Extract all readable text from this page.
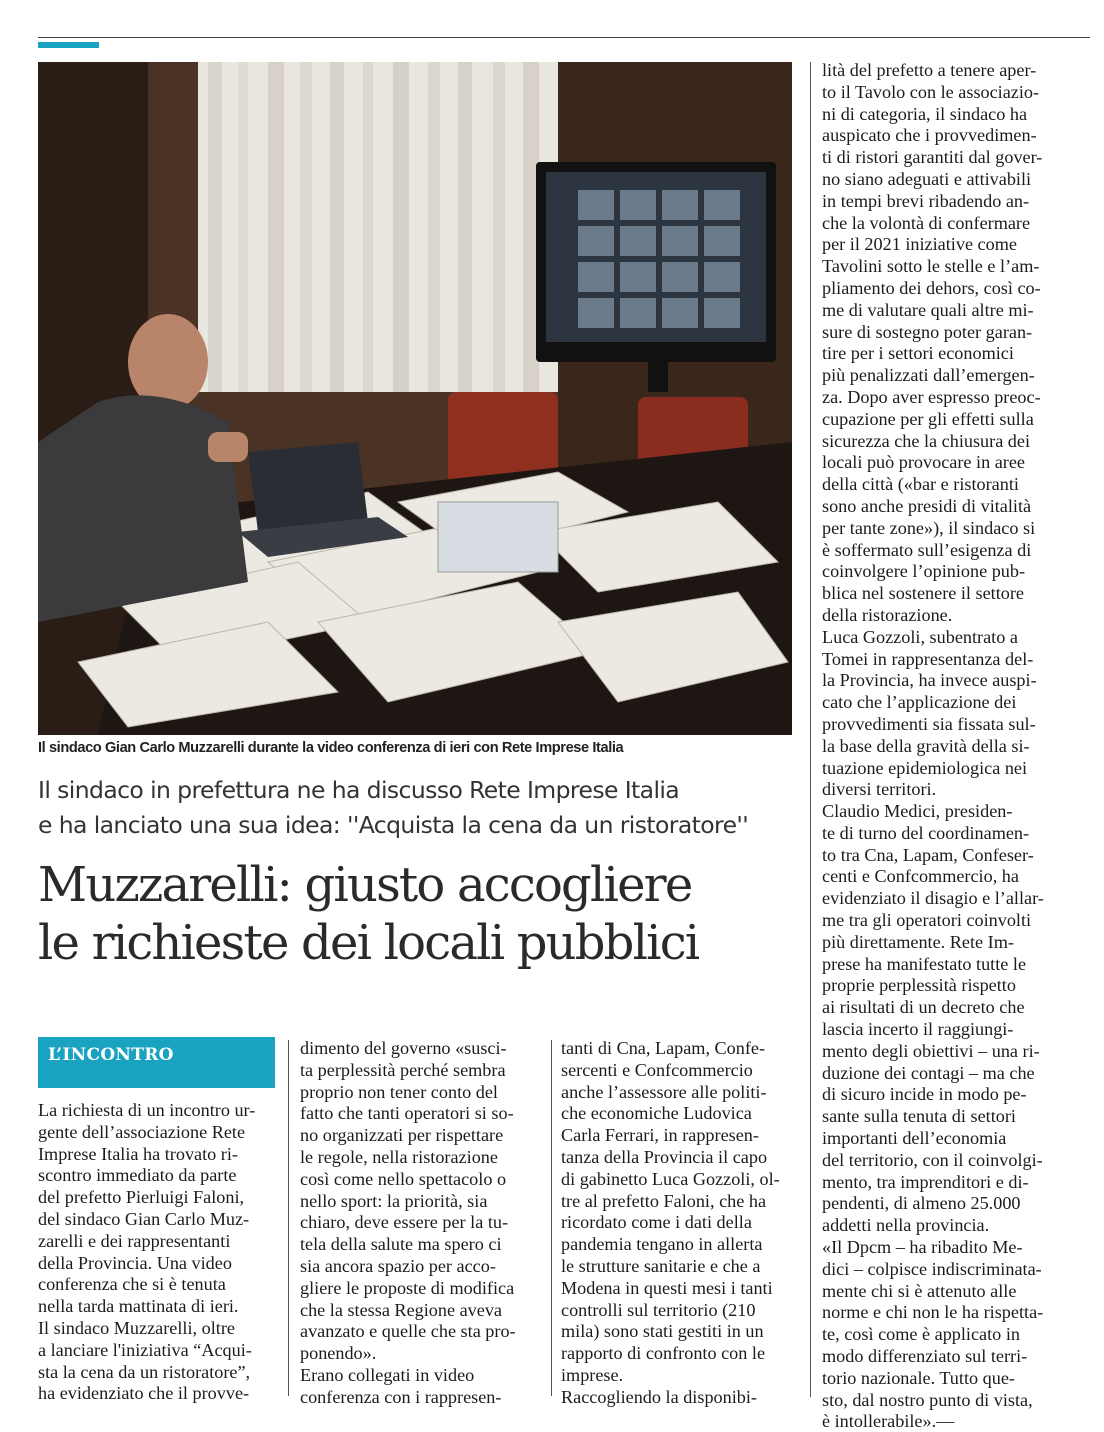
Il sindaco Gian Carlo Muzzarelli durante la video conferenza di ieri con Rete Imprese Italia
Il sindaco in prefettura ne ha discusso Rete Imprese Italia
e ha lanciato una sua idea: ''Acquista la cena da un ristoratore''
Muzzarelli: giusto accogliere
le richieste dei locali pubblici
L’INCONTRO
La richiesta di un incontro ur-
gente dell’associazione Rete
Imprese Italia ha trovato ri-
scontro immediato da parte
del prefetto Pierluigi Faloni,
del sindaco Gian Carlo Muz-
zarelli e dei rappresentanti
della Provincia. Una video
conferenza che si è tenuta
nella tarda mattinata di ieri.
Il sindaco Muzzarelli, oltre
a lanciare l'iniziativa “Acqui-
sta la cena da un ristoratore”,
ha evidenziato che il provve-
dimento del governo «susci-
ta perplessità perché sembra
proprio non tener conto del
fatto che tanti operatori si so-
no organizzati per rispettare
le regole, nella ristorazione
così come nello spettacolo o
nello sport: la priorità, sia
chiaro, deve essere per la tu-
tela della salute ma spero ci
sia ancora spazio per acco-
gliere le proposte di modifica
che la stessa Regione aveva
avanzato e quelle che sta pro-
ponendo».
Erano collegati in video
conferenza con i rappresen-
tanti di Cna, Lapam, Confe-
sercenti e Confcommercio
anche l’assessore alle politi-
che economiche Ludovica
Carla Ferrari, in rappresen-
tanza della Provincia il capo
di gabinetto Luca Gozzoli, ol-
tre al prefetto Faloni, che ha
ricordato come i dati della
pandemia tengano in allerta
le strutture sanitarie e che a
Modena in questi mesi i tanti
controlli sul territorio (210
mila) sono stati gestiti in un
rapporto di confronto con le
imprese.
Raccogliendo la disponibi-
lità del prefetto a tenere aper-
to il Tavolo con le associazio-
ni di categoria, il sindaco ha
auspicato che i provvedimen-
ti di ristori garantiti dal gover-
no siano adeguati e attivabili
in tempi brevi ribadendo an-
che la volontà di confermare
per il 2021 iniziative come
Tavolini sotto le stelle e l’am-
pliamento dei dehors, così co-
me di valutare quali altre mi-
sure di sostegno poter garan-
tire per i settori economici
più penalizzati dall’emergen-
za. Dopo aver espresso preoc-
cupazione per gli effetti sulla
sicurezza che la chiusura dei
locali può provocare in aree
della città («bar e ristoranti
sono anche presidi di vitalità
per tante zone»), il sindaco si
è soffermato sull’esigenza di
coinvolgere l’opinione pub-
blica nel sostenere il settore
della ristorazione.
Luca Gozzoli, subentrato a
Tomei in rappresentanza del-
la Provincia, ha invece auspi-
cato che l’applicazione dei
provvedimenti sia fissata sul-
la base della gravità della si-
tuazione epidemiologica nei
diversi territori.
Claudio Medici, presiden-
te di turno del coordinamen-
to tra Cna, Lapam, Confeser-
centi e Confcommercio, ha
evidenziato il disagio e l’allar-
me tra gli operatori coinvolti
più direttamente. Rete Im-
prese ha manifestato tutte le
proprie perplessità rispetto
ai risultati di un decreto che
lascia incerto il raggiungi-
mento degli obiettivi – una ri-
duzione dei contagi – ma che
di sicuro incide in modo pe-
sante sulla tenuta di settori
importanti dell’economia
del territorio, con il coinvolgi-
mento, tra imprenditori e di-
pendenti, di almeno 25.000
addetti nella provincia.
«Il Dpcm – ha ribadito Me-
dici – colpisce indiscriminata-
mente chi si è attenuto alle
norme e chi non le ha rispetta-
te, così come è applicato in
modo differenziato sul terri-
torio nazionale. Tutto que-
sto, dal nostro punto di vista,
è intollerabile».—
